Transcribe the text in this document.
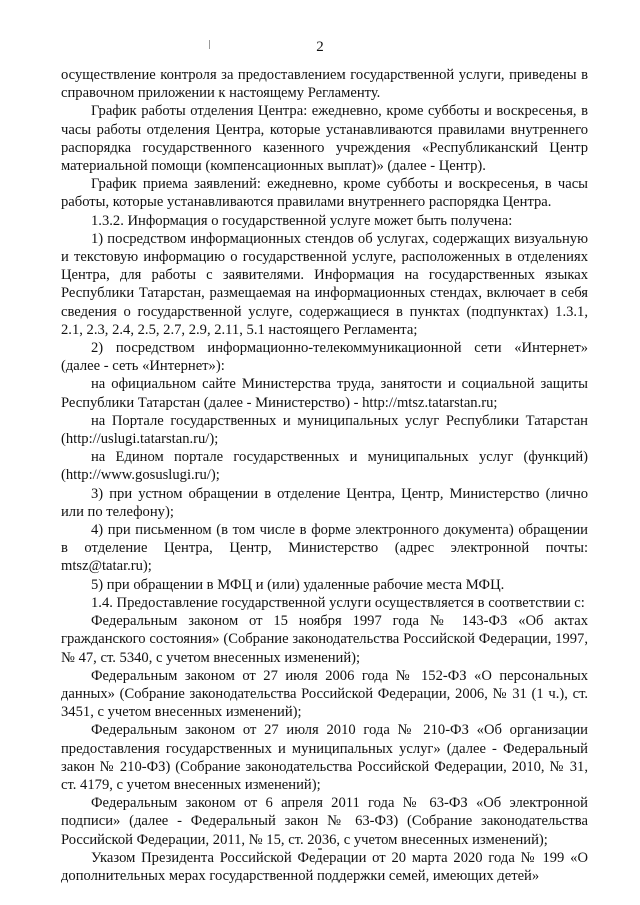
2

осуществление контроля за предоставлением государственной услуги, приведены в справочном приложении к настоящему Регламенту.

График работы отделения Центра: ежедневно, кроме субботы и воскресенья, в часы работы отделения Центра, которые устанавливаются правилами внутреннего распорядка государственного казенного учреждения «Республиканский Центр материальной помощи (компенсационных выплат)» (далее - Центр).

График приема заявлений: ежедневно, кроме субботы и воскресенья, в часы работы, которые устанавливаются правилами внутреннего распорядка Центра.

1.3.2. Информация о государственной услуге может быть получена:

1) посредством информационных стендов об услугах, содержащих визуальную и текстовую информацию о государственной услуге, расположенных в отделениях Центра, для работы с заявителями. Информация на государственных языках Республики Татарстан, размещаемая на информационных стендах, включает в себя сведения о государственной услуге, содержащиеся в пунктах (подпунктах) 1.3.1, 2.1, 2.3, 2.4, 2.5, 2.7, 2.9, 2.11, 5.1 настоящего Регламента;

2) посредством информационно-телекоммуникационной сети «Интернет» (далее - сеть «Интернет»):

на официальном сайте Министерства труда, занятости и социальной защиты Республики Татарстан (далее - Министерство) - http://mtsz.tatarstan.ru;

на Портале государственных и муниципальных услуг Республики Татарстан (http://uslugi.tatarstan.ru/);

на Едином портале государственных и муниципальных услуг (функций) (http://www.gosuslugi.ru/);

3) при устном обращении в отделение Центра, Центр, Министерство (лично или по телефону);

4) при письменном (в том числе в форме электронного документа) обращении в отделение Центра, Центр, Министерство (адрес электронной почты: mtsz@tatar.ru);

5) при обращении в МФЦ и (или) удаленные рабочие места МФЦ.

1.4. Предоставление государственной услуги осуществляется в соответствии с:

Федеральным законом от 15 ноября 1997 года № 143-ФЗ «Об актах гражданского состояния» (Собрание законодательства Российской Федерации, 1997, № 47, ст. 5340, с учетом внесенных изменений);

Федеральным законом от 27 июля 2006 года № 152-ФЗ «О персональных данных» (Собрание законодательства Российской Федерации, 2006, № 31 (1 ч.), ст. 3451, с учетом внесенных изменений);

Федеральным законом от 27 июля 2010 года № 210-ФЗ «Об организации предоставления государственных и муниципальных услуг» (далее - Федеральный закон № 210-ФЗ) (Собрание законодательства Российской Федерации, 2010, № 31, ст. 4179, с учетом внесенных изменений);

Федеральным законом от 6 апреля 2011 года № 63-ФЗ «Об электронной подписи» (далее - Федеральный закон № 63-ФЗ) (Собрание законодательства Российской Федерации, 2011, № 15, ст. 2036, с учетом внесенных изменений);

Указом Президента Российской Федерации от 20 марта 2020 года № 199 «О дополнительных мерах государственной поддержки семей, имеющих детей»
